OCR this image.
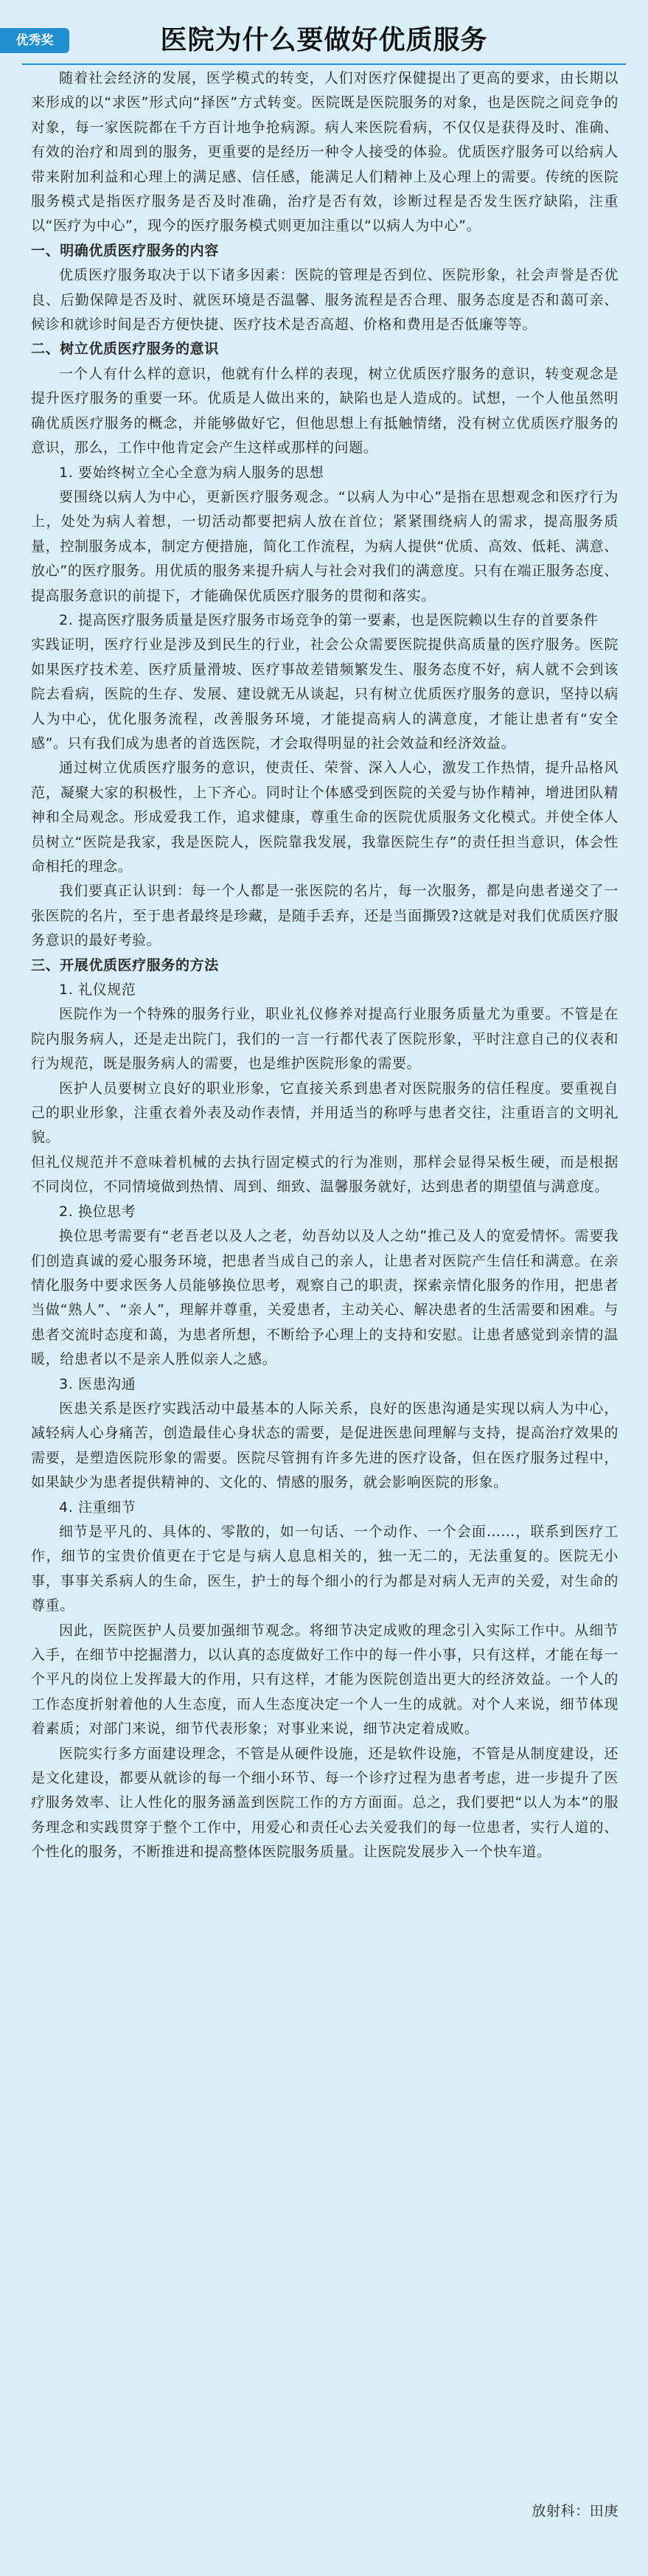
优秀奖	医院为什么要做好优质服务

随着社会经济的发展，医学模式的转变，人们对医疗保健提出了更高的要求，由长期以来形成的以“求医”形式向“择医”方式转变。医院既是医院服务的对象，也是医院之间竞争的对象，每一家医院都在千方百计地争抢病源。病人来医院看病，不仅仅是获得及时、准确、有效的治疗和周到的服务，更重要的是经历一种令人接受的体验。优质医疗服务可以给病人带来附加利益和心理上的满足感、信任感，能满足人们精神上及心理上的需要。传统的医院服务模式是指医疗服务是否及时准确，治疗是否有效，诊断过程是否发生医疗缺陷，注重以“医疗为中心”，现今的医疗服务模式则更加注重以“以病人为中心”。

一、明确优质医疗服务的内容

优质医疗服务取决于以下诸多因素：医院的管理是否到位、医院形象，社会声誉是否优良、后勤保障是否及时、就医环境是否温馨、服务流程是否合理、服务态度是否和蔼可亲、候诊和就诊时间是否方便快捷、医疗技术是否高超、价格和费用是否低廉等等。

二、树立优质医疗服务的意识

一个人有什么样的意识，他就有什么样的表现，树立优质医疗服务的意识，转变观念是提升医疗服务的重要一环。优质是人做出来的，缺陷也是人造成的。试想，一个人他虽然明确优质医疗服务的概念，并能够做好它，但他思想上有抵触情绪，没有树立优质医疗服务的意识，那么，工作中他肯定会产生这样或那样的问题。

1. 要始终树立全心全意为病人服务的思想

要围绕以病人为中心，更新医疗服务观念。“以病人为中心”是指在思想观念和医疗行为上，处处为病人着想，一切活动都要把病人放在首位；紧紧围绕病人的需求，提高服务质量，控制服务成本，制定方便措施，简化工作流程，为病人提供“优质、高效、低耗、满意、放心”的医疗服务。用优质的服务来提升病人与社会对我们的满意度。只有在端正服务态度、提高服务意识的前提下，才能确保优质医疗服务的贯彻和落实。

2. 提高医疗服务质量是医疗服务市场竞争的第一要素，也是医院赖以生存的首要条件

实践证明，医疗行业是涉及到民生的行业，社会公众需要医院提供高质量的医疗服务。医院如果医疗技术差、医疗质量滑坡、医疗事故差错频繁发生、服务态度不好，病人就不会到该院去看病，医院的生存、发展、建设就无从谈起，只有树立优质医疗服务的意识，坚持以病人为中心，优化服务流程，改善服务环境，才能提高病人的满意度，才能让患者有“安全感”。只有我们成为患者的首选医院，才会取得明显的社会效益和经济效益。

通过树立优质医疗服务的意识，使责任、荣誉、深入人心，激发工作热情，提升品格风范，凝聚大家的积极性，上下齐心。同时让个体感受到医院的关爱与协作精神，增进团队精神和全局观念。形成爱我工作，追求健康，尊重生命的医院优质服务文化模式。并使全体人员树立“医院是我家，我是医院人，医院靠我发展，我靠医院生存”的责任担当意识，体会性命相托的理念。

我们要真正认识到：每一个人都是一张医院的名片，每一次服务，都是向患者递交了一张医院的名片，至于患者最终是珍藏，是随手丢弃，还是当面撕毁?这就是对我们优质医疗服务意识的最好考验。

三、开展优质医疗服务的方法

1. 礼仪规范

医院作为一个特殊的服务行业，职业礼仪修养对提高行业服务质量尤为重要。不管是在院内服务病人，还是走出院门，我们的一言一行都代表了医院形象，平时注意自己的仪表和行为规范，既是服务病人的需要，也是维护医院形象的需要。

医护人员要树立良好的职业形象，它直接关系到患者对医院服务的信任程度。要重视自己的职业形象，注重衣着外表及动作表情，并用适当的称呼与患者交往，注重语言的文明礼貌。

但礼仪规范并不意味着机械的去执行固定模式的行为准则，那样会显得呆板生硬，而是根据不同岗位，不同情境做到热情、周到、细致、温馨服务就好，达到患者的期望值与满意度。

2. 换位思考

换位思考需要有“老吾老以及人之老，幼吾幼以及人之幼”推己及人的宽爱情怀。需要我们创造真诚的爱心服务环境，把患者当成自己的亲人，让患者对医院产生信任和满意。在亲情化服务中要求医务人员能够换位思考，观察自己的职责，探索亲情化服务的作用，把患者当做“熟人”、“亲人”，理解并尊重，关爱患者，主动关心、解决患者的生活需要和困难。与患者交流时态度和蔼，为患者所想，不断给予心理上的支持和安慰。让患者感觉到亲情的温暖，给患者以不是亲人胜似亲人之感。

3. 医患沟通

医患关系是医疗实践活动中最基本的人际关系，良好的医患沟通是实现以病人为中心，减轻病人心身痛苦，创造最佳心身状态的需要，是促进医患间理解与支持，提高治疗效果的需要，是塑造医院形象的需要。医院尽管拥有许多先进的医疗设备，但在医疗服务过程中，如果缺少为患者提供精神的、文化的、情感的服务，就会影响医院的形象。

4. 注重细节

细节是平凡的、具体的、零散的，如一句话、一个动作、一个会面……，联系到医疗工作，细节的宝贵价值更在于它是与病人息息相关的，独一无二的，无法重复的。医院无小事，事事关系病人的生命，医生，护士的每个细小的行为都是对病人无声的关爱，对生命的尊重。

因此，医院医护人员要加强细节观念。将细节决定成败的理念引入实际工作中。从细节入手，在细节中挖掘潜力，以认真的态度做好工作中的每一件小事，只有这样，才能在每一个平凡的岗位上发挥最大的作用，只有这样，才能为医院创造出更大的经济效益。一个人的工作态度折射着他的人生态度，而人生态度决定一个人一生的成就。对个人来说，细节体现着素质；对部门来说，细节代表形象；对事业来说，细节决定着成败。

医院实行多方面建设理念，不管是从硬件设施，还是软件设施，不管是从制度建设，还是文化建设，都要从就诊的每一个细小环节、每一个诊疗过程为患者考虑，进一步提升了医疗服务效率、让人性化的服务涵盖到医院工作的方方面面。总之，我们要把“以人为本”的服务理念和实践贯穿于整个工作中，用爱心和责任心去关爱我们的每一位患者，实行人道的、个性化的服务，不断推进和提高整体医院服务质量。让医院发展步入一个快车道。

放射科：田庚
